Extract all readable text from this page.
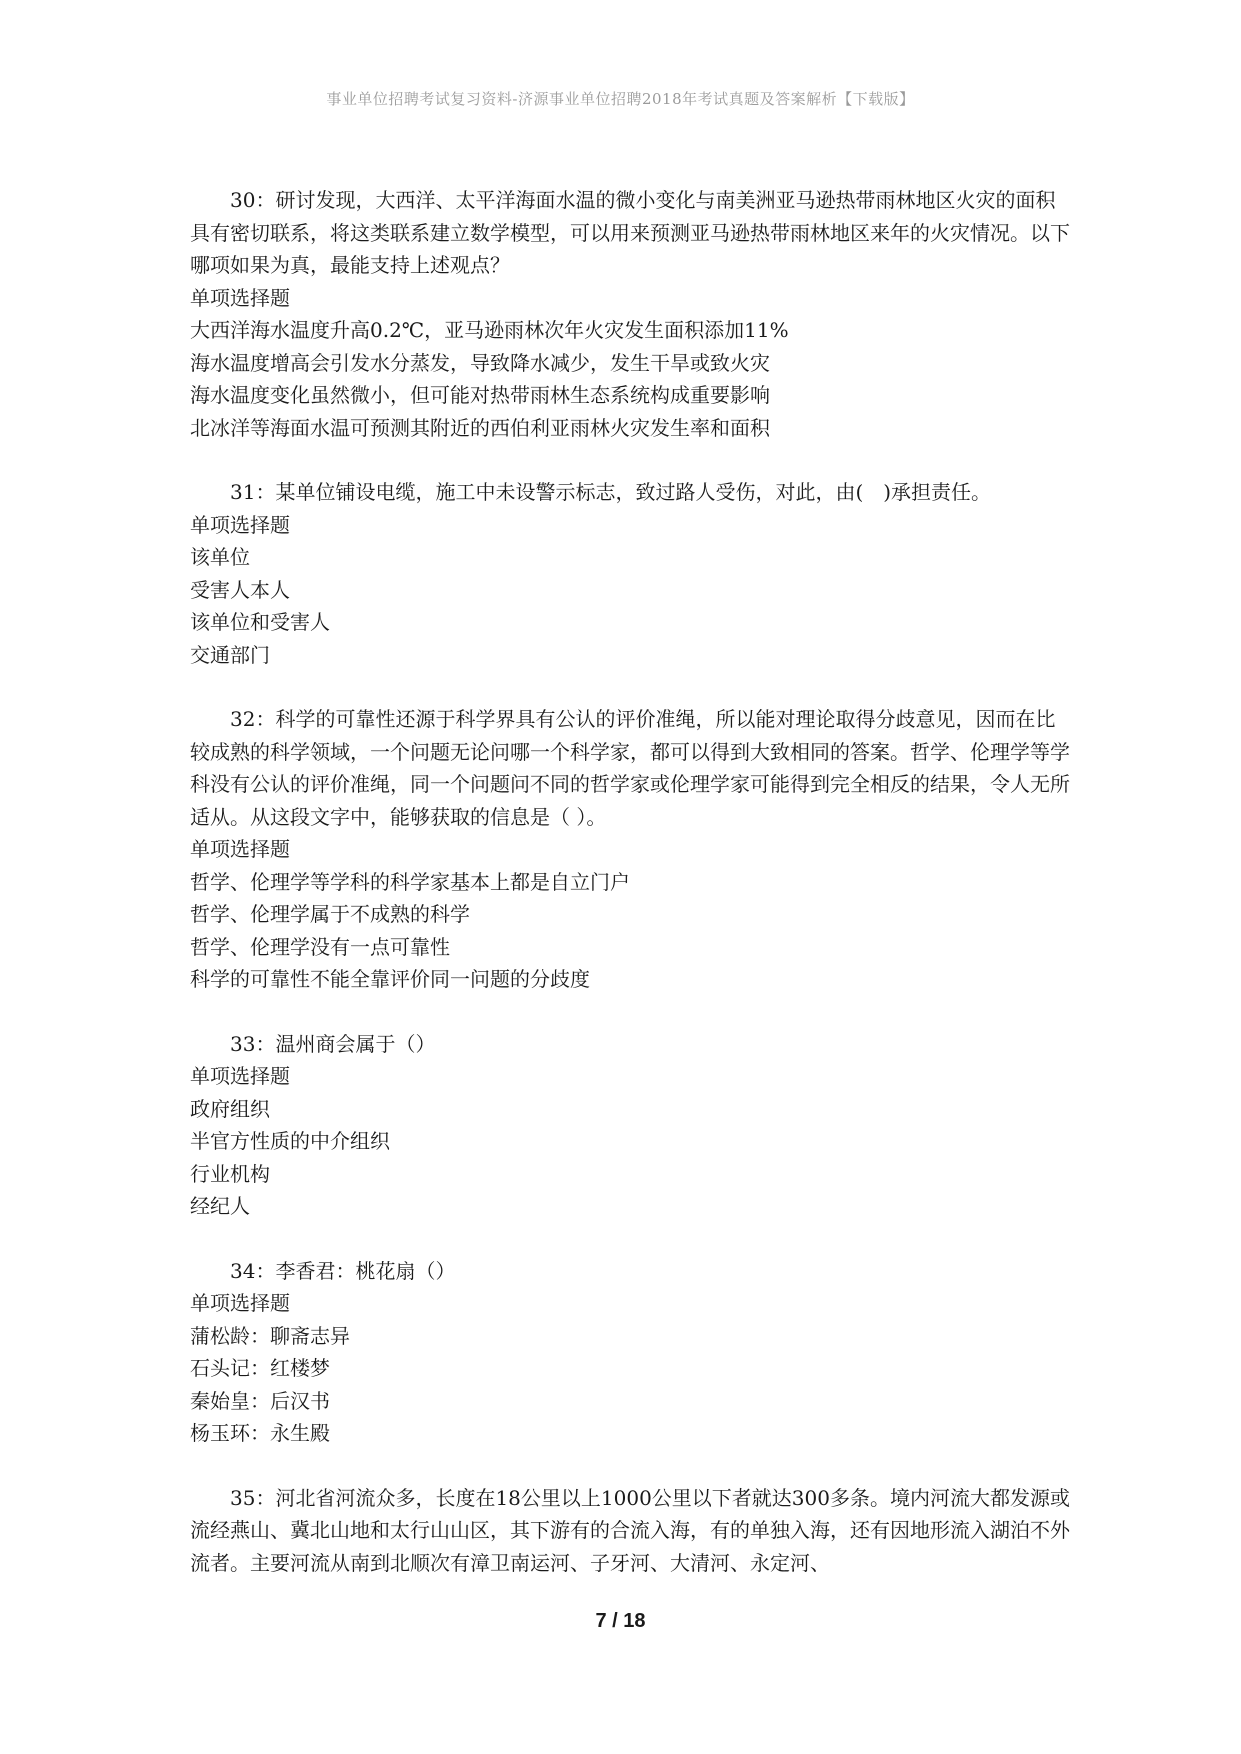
事业单位招聘考试复习资料-济源事业单位招聘2018年考试真题及答案解析【下载版】

30：研讨发现，大西洋、太平洋海面水温的微小变化与南美洲亚马逊热带雨林地区火灾的面积具有密切联系，将这类联系建立数学模型，可以用来预测亚马逊热带雨林地区来年的火灾情况。以下哪项如果为真，最能支持上述观点？

单项选择题

大西洋海水温度升高0.2℃，亚马逊雨林次年火灾发生面积添加11%

海水温度增高会引发水分蒸发，导致降水减少，发生干旱或致火灾

海水温度变化虽然微小，但可能对热带雨林生态系统构成重要影响

北冰洋等海面水温可预测其附近的西伯利亚雨林火灾发生率和面积

31：某单位铺设电缆，施工中未设警示标志，致过路人受伤，对此，由(　)承担责任。

单项选择题

该单位

受害人本人

该单位和受害人

交通部门

32：科学的可靠性还源于科学界具有公认的评价准绳，所以能对理论取得分歧意见，因而在比较成熟的科学领域，一个问题无论问哪一个科学家，都可以得到大致相同的答案。哲学、伦理学等学科没有公认的评价准绳，同一个问题问不同的哲学家或伦理学家可能得到完全相反的结果，令人无所适从。从这段文字中，能够获取的信息是（ ）。

单项选择题

哲学、伦理学等学科的科学家基本上都是自立门户

哲学、伦理学属于不成熟的科学

哲学、伦理学没有一点可靠性

科学的可靠性不能全靠评价同一问题的分歧度

33：温州商会属于（）

单项选择题

政府组织

半官方性质的中介组织

行业机构

经纪人

34：李香君：桃花扇（）

单项选择题

蒲松龄：聊斋志异

石头记：红楼梦

秦始皇：后汉书

杨玉环：永生殿

35：河北省河流众多，长度在18公里以上1000公里以下者就达300多条。境内河流大都发源或流经燕山、冀北山地和太行山山区，其下游有的合流入海，有的单独入海，还有因地形流入湖泊不外流者。主要河流从南到北顺次有漳卫南运河、子牙河、大清河、永定河、

7 / 18
